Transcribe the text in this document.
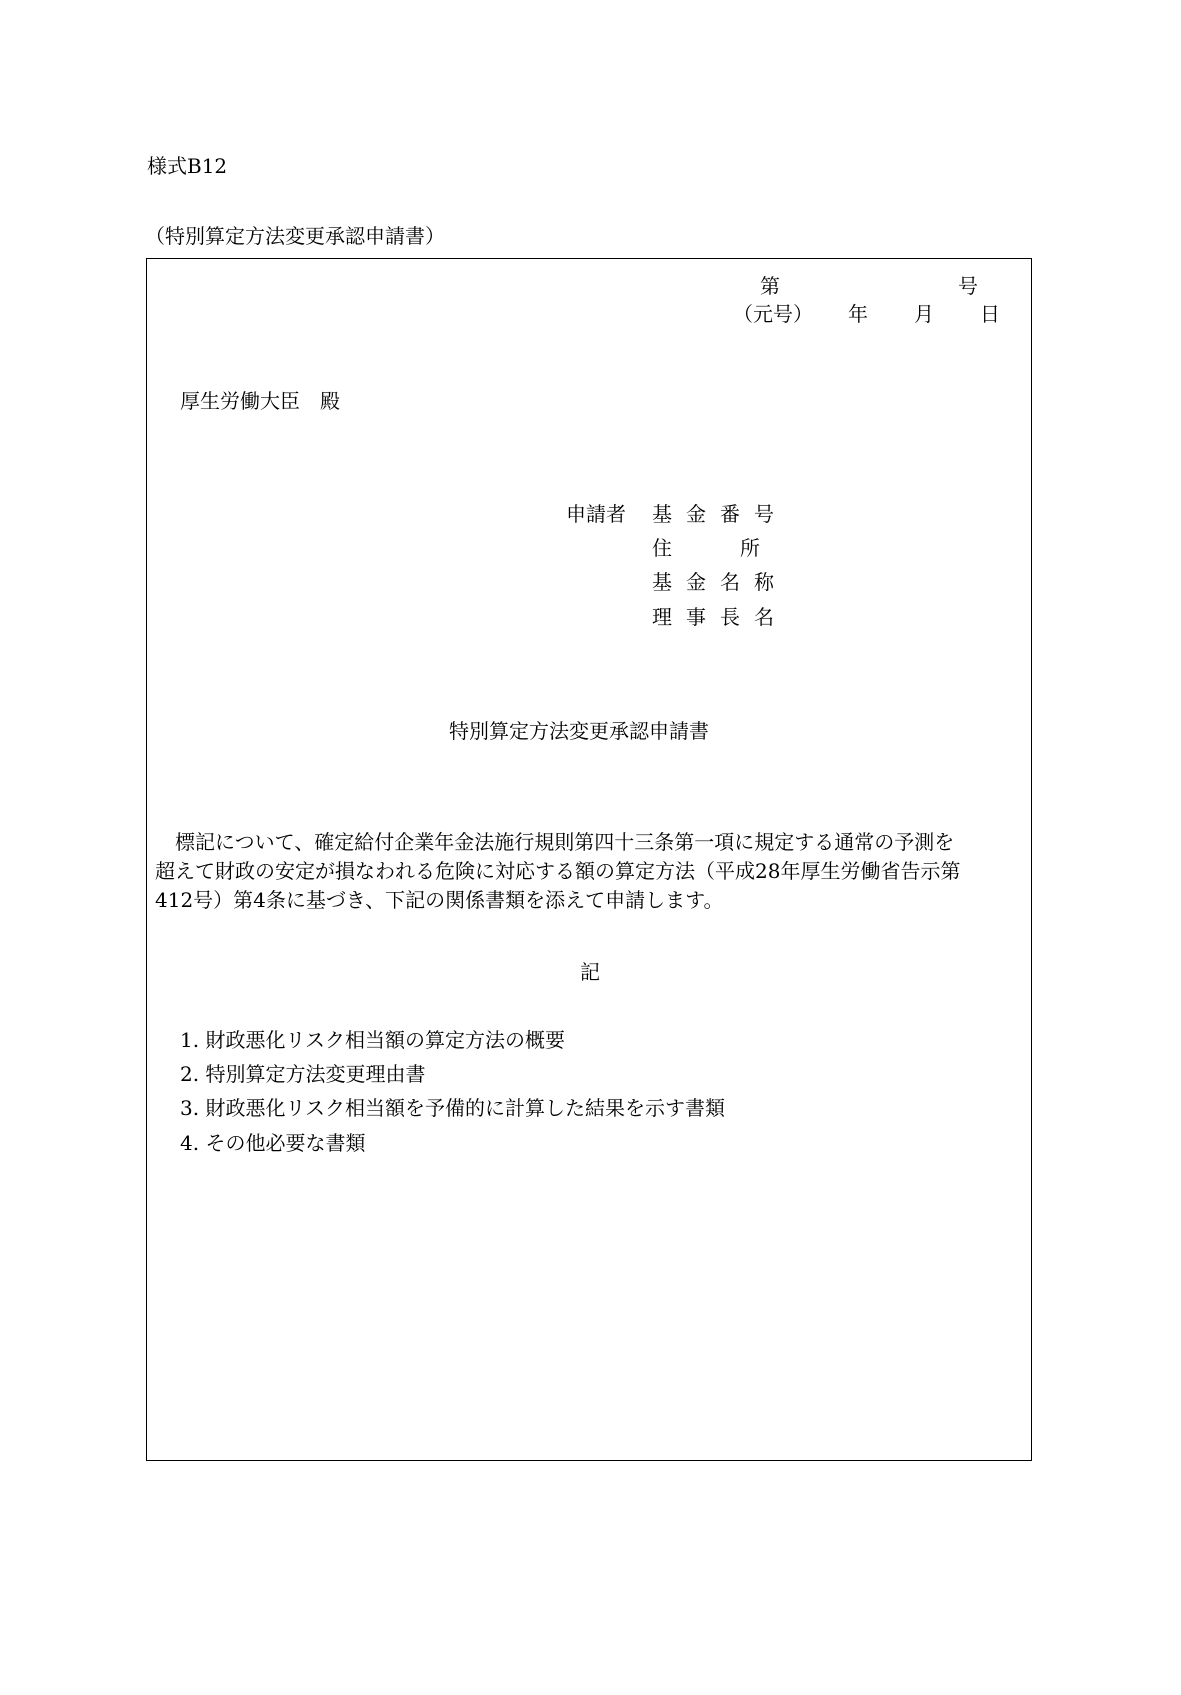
様式B12
（特別算定方法変更承認申請書）
第	号
（元号） 年 月 日
厚生労働大臣　殿
申請者 基金番号
住　所
基金名称
理事長名
特別算定方法変更承認申請書
標記について、確定給付企業年金法施行規則第四十三条第一項に規定する通常の予測を
超えて財政の安定が損なわれる危険に対応する額の算定方法（平成28年厚生労働省告示第
412号）第4条に基づき、下記の関係書類を添えて申請します。
記
1. 財政悪化リスク相当額の算定方法の概要
2. 特別算定方法変更理由書
3. 財政悪化リスク相当額を予備的に計算した結果を示す書類
4. その他必要な書類
